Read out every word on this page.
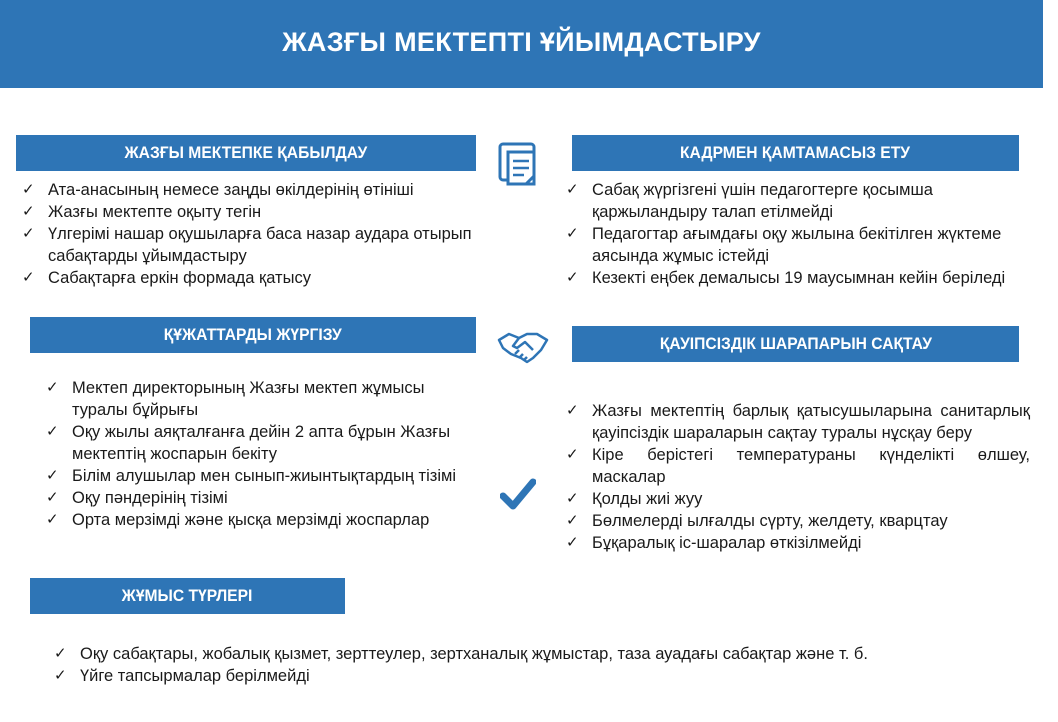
ЖАЗҒЫ МЕКТЕПТІ ҰЙЫМДАСТЫРУ
ЖАЗҒЫ МЕКТЕПКЕ ҚАБЫЛДАУ
✓ Ата-анасының немесе заңды өкілдерінің өтініші
✓ Жазғы мектепте оқыту тегін
✓ Үлгерімі нашар оқушыларға баса назар аудара отырып сабақтарды ұйымдастыру
✓ Сабақтарға еркін формада қатысу
КАДРМЕН ҚАМТАМАСЫЗ ЕТУ
✓ Сабақ жүргізгені үшін педагогтерге қосымша қаржыландыру талап етілмейді
✓ Педагогтар ағымдағы оқу жылына бекітілген жүктеме аясында жұмыс істейді
✓ Кезекті еңбек демалысы 19 маусымнан кейін беріледі
ҚҰЖАТТАРДЫ ЖҮРГІЗУ
✓ Мектеп директорының Жазғы мектеп жұмысы туралы бұйрығы
✓ Оқу жылы аяқталғанға дейін 2 апта бұрын Жазғы мектептің жоспарын бекіту
✓ Білім алушылар мен сынып-жиынтықтардың тізімі
✓ Оқу пәндерінің тізімі
✓ Орта мерзімді және қысқа мерзімді жоспарлар
ҚАУІПСІЗДІК ШАРАПАРЫН САҚТАУ
✓ Жазғы мектептің барлық қатысушыларына санитарлық қауіпсіздік шараларын сақтау туралы нұсқау беру
✓ Кіре берістегі температураны күнделікті өлшеу, маскалар
✓ Қолды жиі жуу
✓ Бөлмелерді ылғалды сүрту, желдету, кварцтау
✓ Бұқаралық іс-шаралар өткізілмейді
ЖҰМЫС ТҮРЛЕРІ
✓ Оқу сабақтары, жобалық қызмет, зерттеулер, зертханалық жұмыстар, таза ауадағы сабақтар және т. б.
✓ Үйге тапсырмалар берілмейді
